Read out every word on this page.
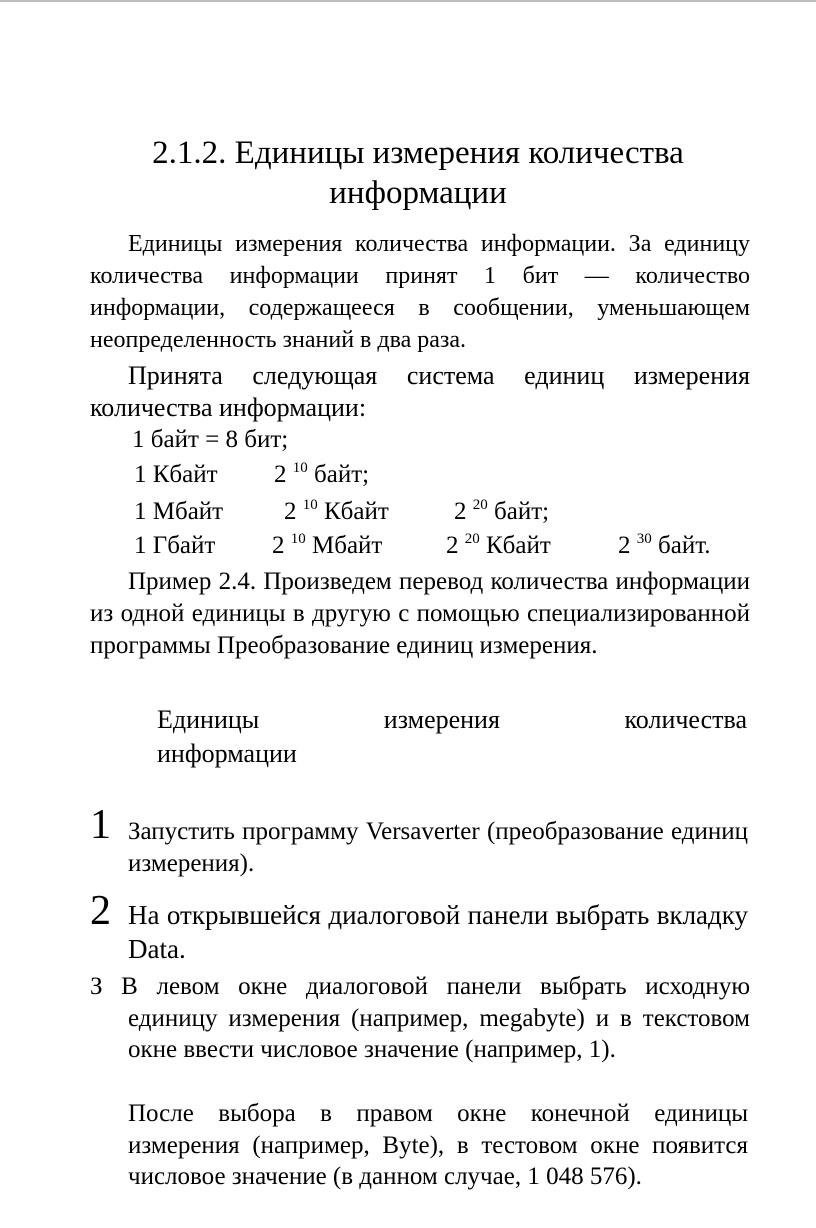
2.1.2. Единицы измерения количества информации

Единицы измерения количества информации. За единицу количества информации принят 1 бит — количество информации, содержащееся в сообщении, уменьшающем неопределенность знаний в два раза.

Принята следующая система единиц измерения количества информации:

1 байт = 8 бит;
1 Кбайт 2 $^{10}$ байт;
1 Мбайт 2 $^{10}$ Кбайт	2 $^{20}$ байт;
1 Гбайт 2 $^{10}$ Мбайт	2 $^{20}$ Кбайт	2 $^{30}$ байт.

Пример 2.4. Произведем перевод количества информации из одной единицы в другую с помощью специализированной программы Преобразование единиц измерения.

Единицы измерения количества
информации
1 Запустить программу Versaverter (преобразование единиц измерения).

2 На открывшейся диалоговой панели выбрать вкладку Data.

З В левом окне диалоговой панели выбрать исходную единицу измерения (например, megabyte) и в текстовом окне ввести числовое значение (например, 1).

После выбора в правом окне конечной единицы измерения (например, Byte), в тестовом окне появится числовое значение (в данном случае, 1 048 576).
